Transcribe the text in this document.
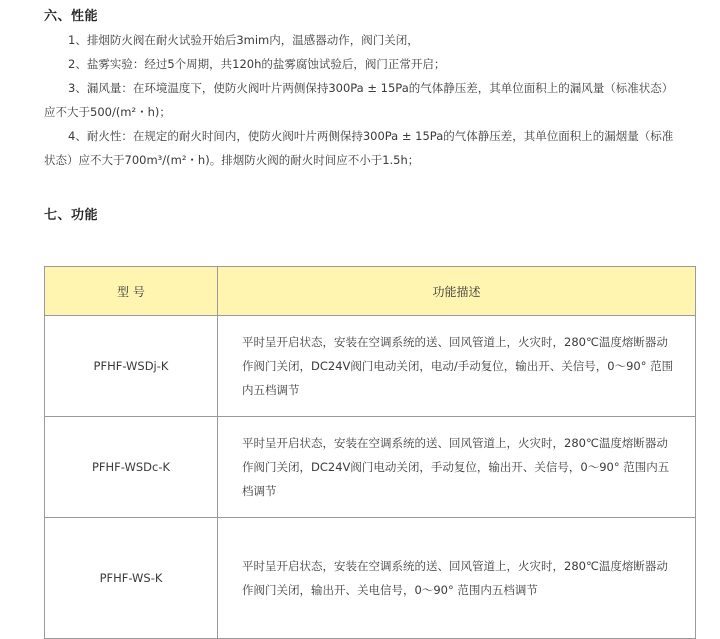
六、性能
1、排烟防火阀在耐火试验开始后3mim内，温感器动作，阀门关闭，
2、盐雾实验：经过5个周期，共120h的盐雾腐蚀试验后，阀门正常开启；
3、漏风量：在环境温度下，使防火阀叶片两侧保持300Pa ± 15Pa的气体静压差，其单位面积上的漏风量（标准状态）应不大于500/(m²・h)；
4、耐火性：在规定的耐火时间内，使防火阀叶片两侧保持300Pa ± 15Pa的气体静压差，其单位面积上的漏烟量（标准状态）应不大于700m³/(m²・h)。排烟防火阀的耐火时间应不小于1.5h；
七、功能
型 号	功能描述
PFHF-WSDj-K	平时呈开启状态，安装在空调系统的送、回风管道上，火灾时，280℃温度熔断器动作阀门关闭，DC24V阀门电动关闭，电动/手动复位，输出开、关信号，0～90° 范围内五档调节
PFHF-WSDc-K	平时呈开启状态，安装在空调系统的送、回风管道上，火灾时，280℃温度熔断器动作阀门关闭，DC24V阀门电动关闭，手动复位，输出开、关信号，0～90° 范围内五档调节
PFHF-WS-K	平时呈开启状态，安装在空调系统的送、回风管道上，火灾时，280℃温度熔断器动作阀门关闭，输出开、关电信号，0～90° 范围内五档调节
